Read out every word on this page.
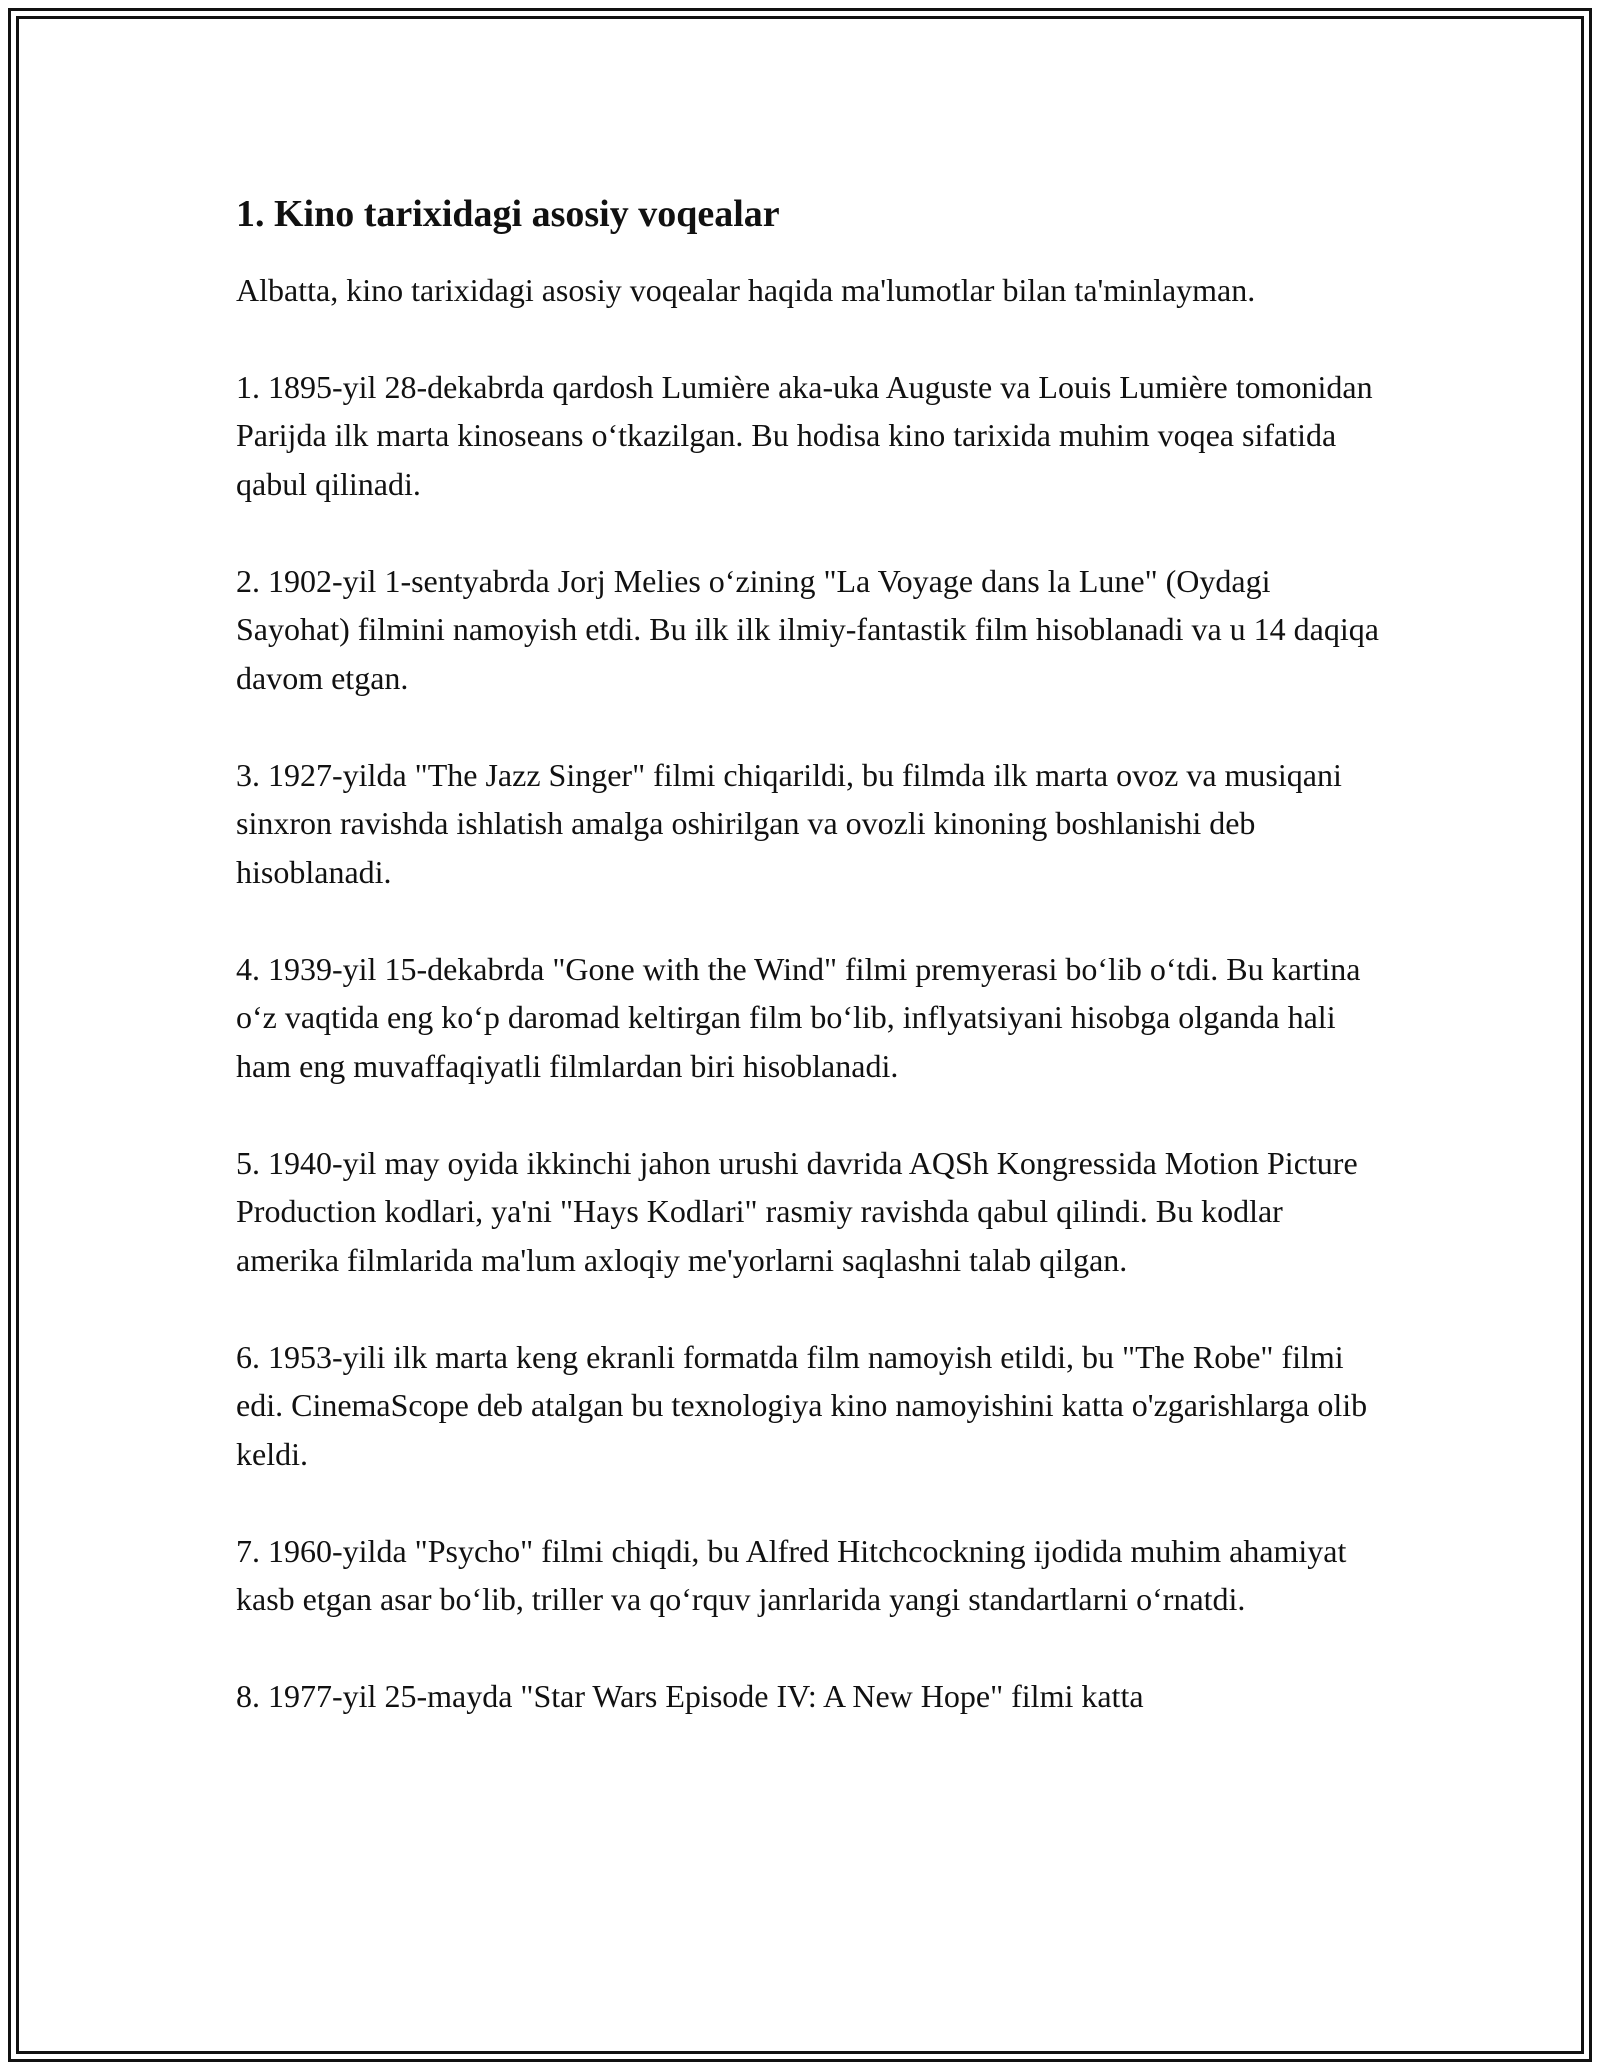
1. Kino tarixidagi asosiy voqealar

Albatta, kino tarixidagi asosiy voqealar haqida ma'lumotlar bilan ta'minlayman.

1. 1895-yil 28-dekabrda qardosh Lumière aka-uka Auguste va Louis Lumière tomonidan Parijda ilk marta kinoseans o‘tkazilgan. Bu hodisa kino tarixida muhim voqea sifatida qabul qilinadi.
2. 1902-yil 1-sentyabrda Jorj Melies o‘zining "La Voyage dans la Lune" (Oydagi Sayohat) filmini namoyish etdi. Bu ilk ilk ilmiy-fantastik film hisoblanadi va u 14 daqiqa davom etgan.
3. 1927-yilda "The Jazz Singer" filmi chiqarildi, bu filmda ilk marta ovoz va musiqani sinxron ravishda ishlatish amalga oshirilgan va ovozli kinoning boshlanishi deb hisoblanadi.
4. 1939-yil 15-dekabrda "Gone with the Wind" filmi premyerasi bo‘lib o‘tdi. Bu kartina o‘z vaqtida eng ko‘p daromad keltirgan film bo‘lib, inflyatsiyani hisobga olganda hali ham eng muvaffaqiyatli filmlardan biri hisoblanadi.
5. 1940-yil may oyida ikkinchi jahon urushi davrida AQSh Kongressida Motion Picture Production kodlari, ya'ni "Hays Kodlari" rasmiy ravishda qabul qilindi. Bu kodlar amerika filmlarida ma'lum axloqiy me'yorlarni saqlashni talab qilgan.
6. 1953-yili ilk marta keng ekranli formatda film namoyish etildi, bu "The Robe" filmi edi. CinemaScope deb atalgan bu texnologiya kino namoyishini katta o'zgarishlarga olib keldi.
7. 1960-yilda "Psycho" filmi chiqdi, bu Alfred Hitchcockning ijodida muhim ahamiyat kasb etgan asar bo‘lib, triller va qo‘rquv janrlarida yangi standartlarni o‘rnatdi.
8. 1977-yil 25-mayda "Star Wars Episode IV: A New Hope" filmi katta
